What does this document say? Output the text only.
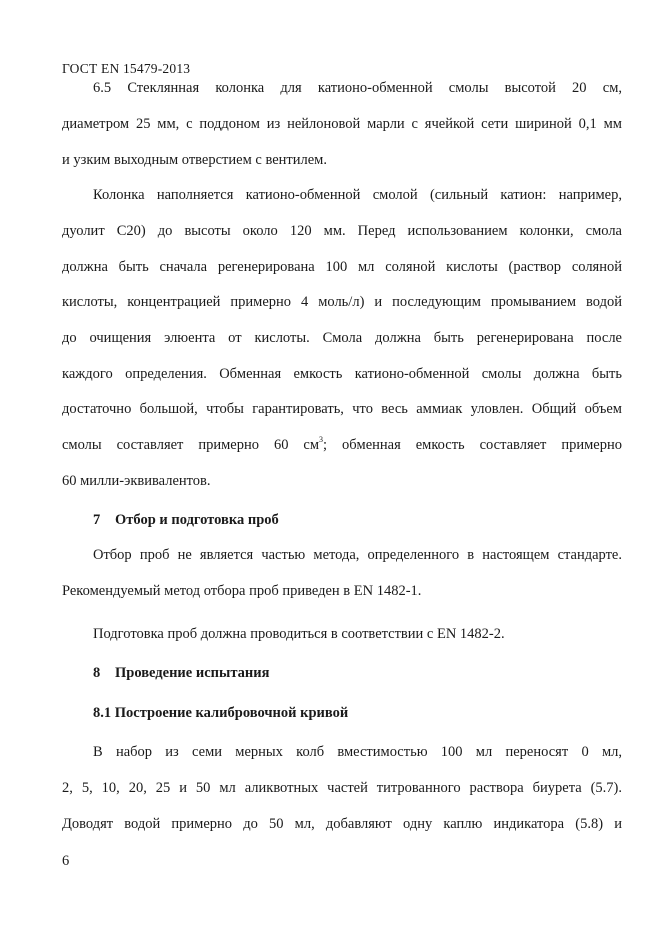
ГОСТ EN 15479-2013
6.5 Стеклянная колонка для катионо-обменной смолы высотой 20 см,
диаметром 25 мм, с поддоном из нейлоновой марли с ячейкой сети шириной 0,1 мм
и узким выходным отверстием с вентилем.
Колонка наполняется катионо-обменной смолой (сильный катион: например,
дуолит С20) до высоты около 120 мм. Перед использованием колонки, смола
должна быть сначала регенерирована 100 мл соляной кислоты (раствор соляной
кислоты, концентрацией примерно 4 моль/л) и последующим промыванием водой
до очищения элюента от кислоты. Смола должна быть регенерирована после
каждого определения. Обменная емкость катионо-обменной смолы должна быть
достаточно большой, чтобы гарантировать, что весь аммиак уловлен. Общий объем
смолы составляет примерно 60 $см^3$; обменная емкость составляет примерно
60 милли-эквивалентов.
7 Отбор и подготовка проб
Отбор проб не является частью метода, определенного в настоящем стандарте.
Рекомендуемый метод отбора проб приведен в EN 1482-1.
Подготовка проб должна проводиться в соответствии с EN 1482-2.
8 Проведение испытания
8.1 Построение калибровочной кривой
В набор из семи мерных колб вместимостью 100 мл переносят 0 мл,
2, 5, 10, 20, 25 и 50 мл аликвотных частей титрованного раствора биурета (5.7).
Доводят водой примерно до 50 мл, добавляют одну каплю индикатора (5.8) и
6
